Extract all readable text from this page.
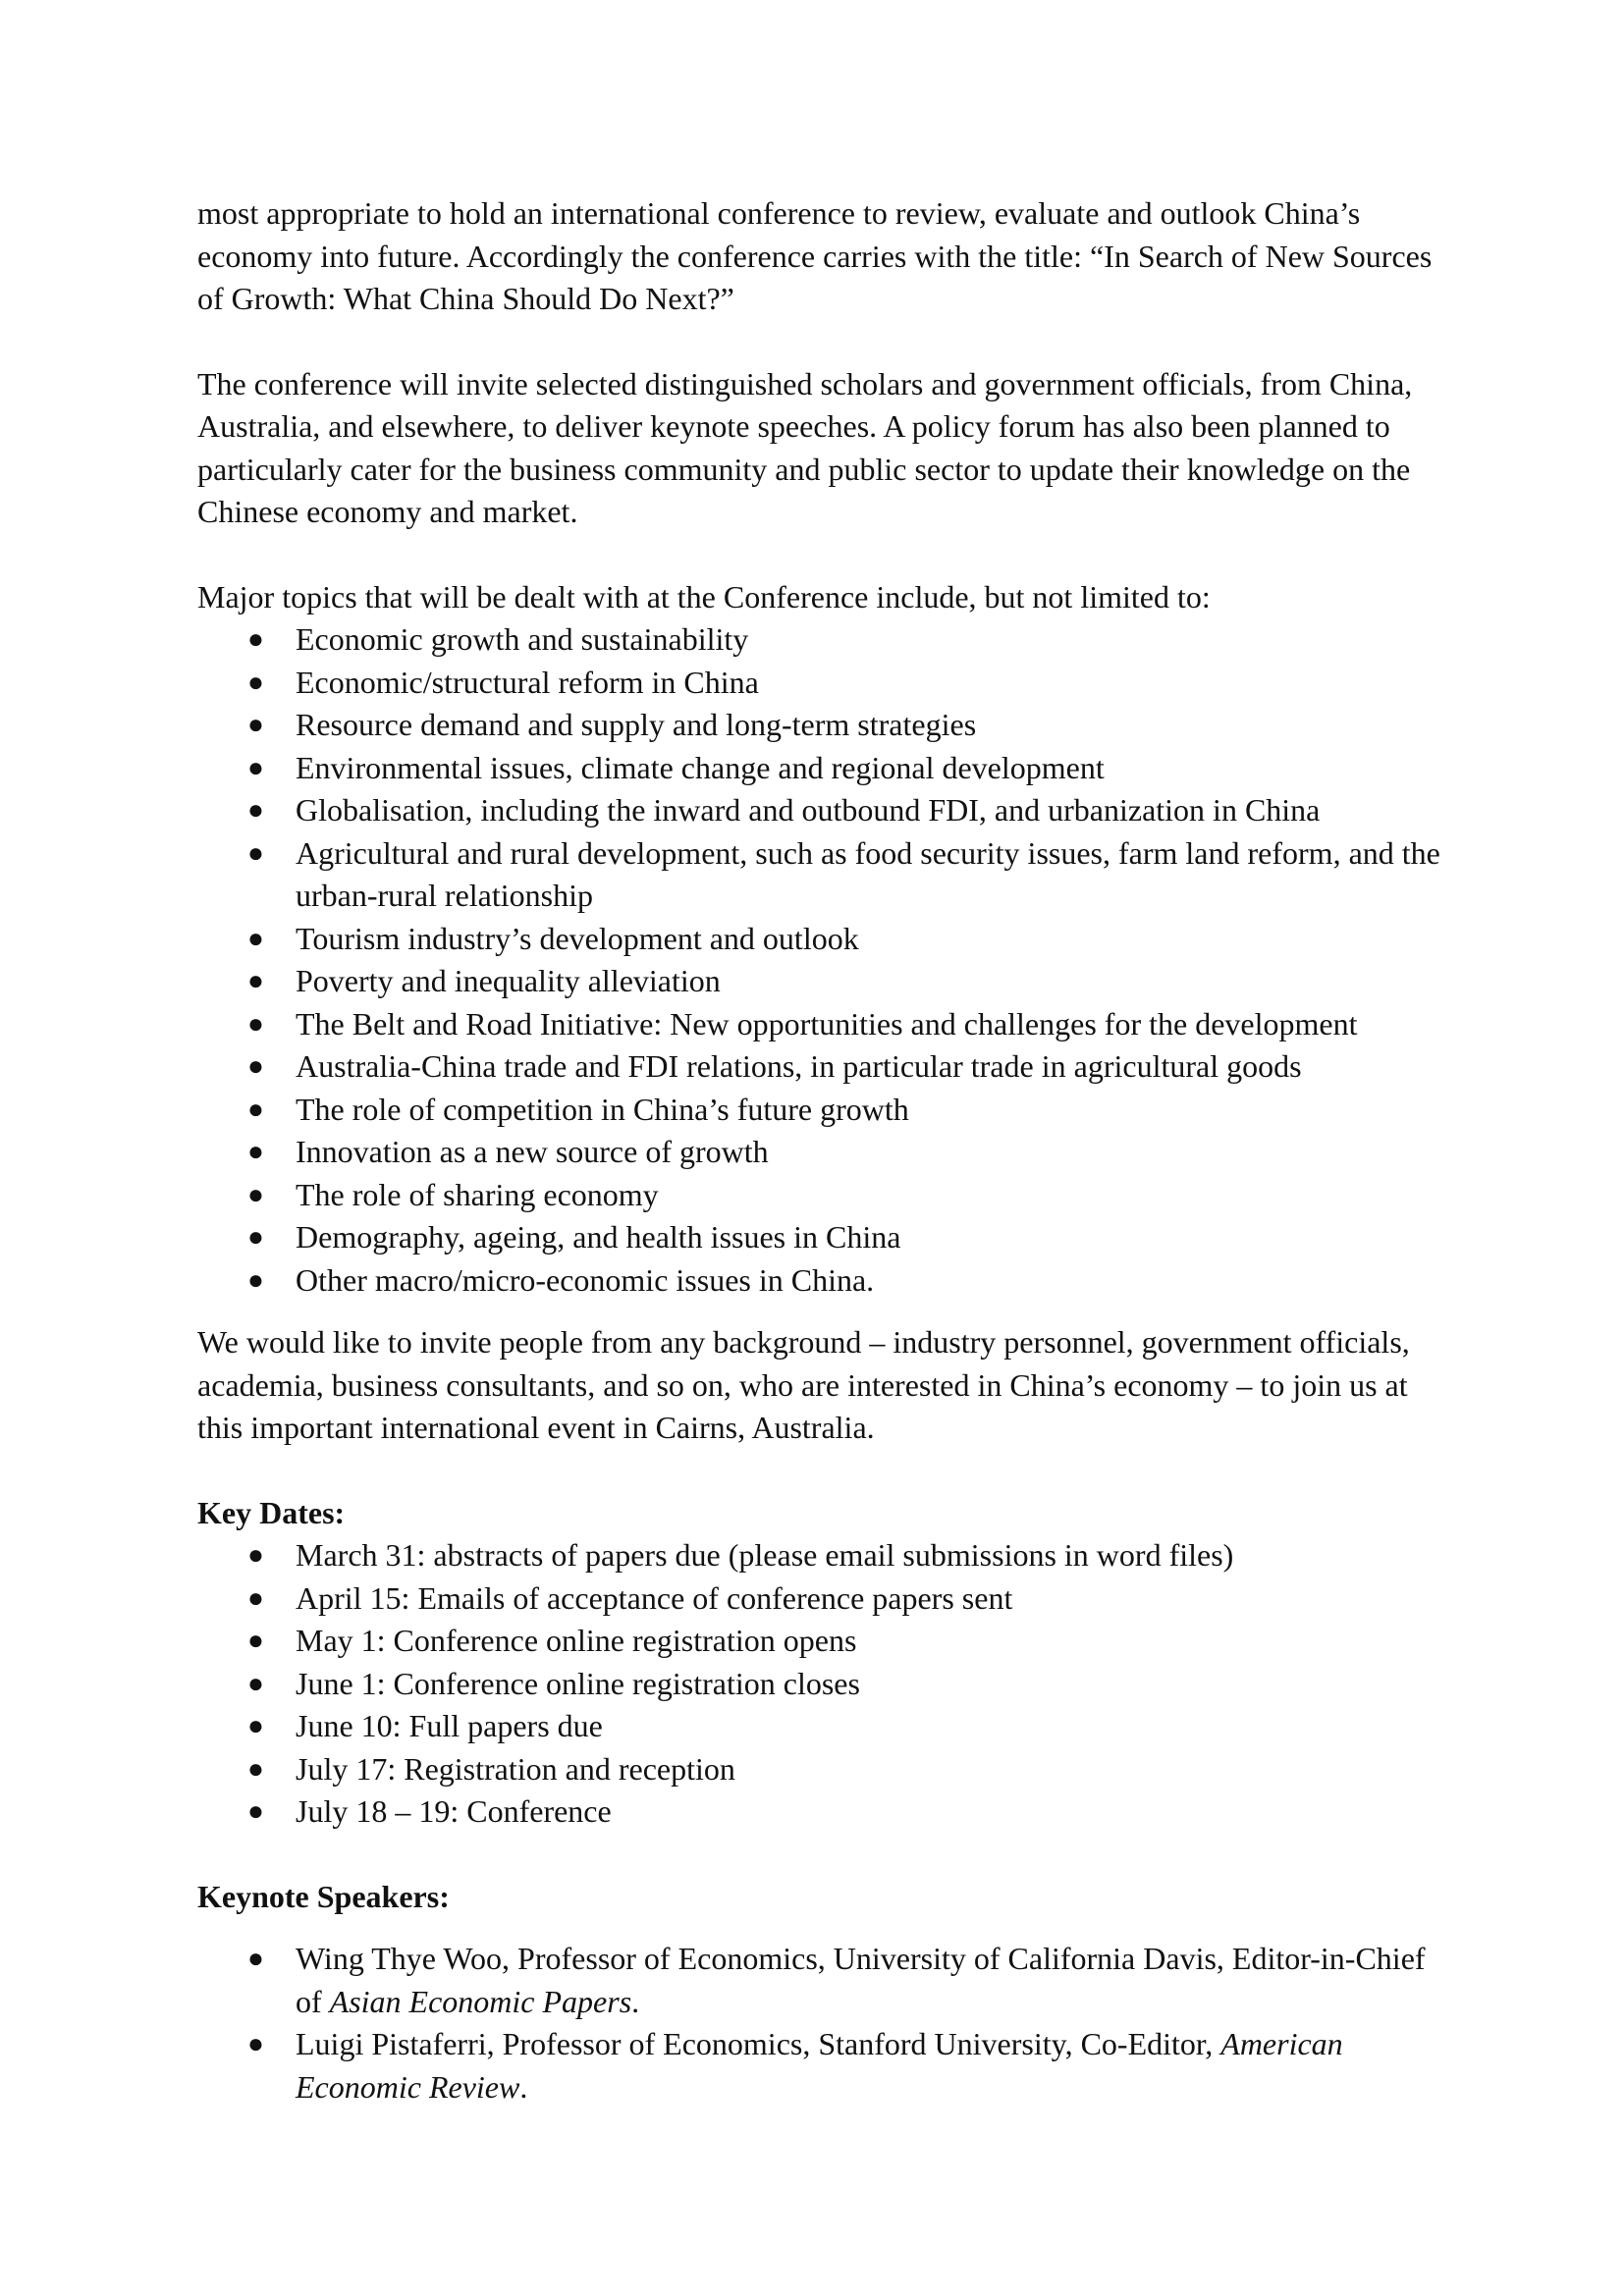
most appropriate to hold an international conference to review, evaluate and outlook China’s economy into future. Accordingly the conference carries with the title: “In Search of New Sources of Growth: What China Should Do Next?”

The conference will invite selected distinguished scholars and government officials, from China, Australia, and elsewhere, to deliver keynote speeches. A policy forum has also been planned to particularly cater for the business community and public sector to update their knowledge on the Chinese economy and market.

Major topics that will be dealt with at the Conference include, but not limited to:

● Economic growth and sustainability
● Economic/structural reform in China
● Resource demand and supply and long-term strategies
● Environmental issues, climate change and regional development
● Globalisation, including the inward and outbound FDI, and urbanization in China
● Agricultural and rural development, such as food security issues, farm land reform, and the urban-rural relationship
● Tourism industry’s development and outlook
● Poverty and inequality alleviation
● The Belt and Road Initiative: New opportunities and challenges for the development
● Australia-China trade and FDI relations, in particular trade in agricultural goods
● The role of competition in China’s future growth
● Innovation as a new source of growth
● The role of sharing economy
● Demography, ageing, and health issues in China
● Other macro/micro-economic issues in China.

We would like to invite people from any background – industry personnel, government officials, academia, business consultants, and so on, who are interested in China’s economy – to join us at this important international event in Cairns, Australia.

Key Dates:

● March 31: abstracts of papers due (please email submissions in word files)
● April 15: Emails of acceptance of conference papers sent
● May 1: Conference online registration opens
● June 1: Conference online registration closes
● June 10: Full papers due
● July 17: Registration and reception
● July 18 – 19: Conference

Keynote Speakers:

● Wing Thye Woo, Professor of Economics, University of California Davis, Editor-in-Chief of Asian Economic Papers.
● Luigi Pistaferri, Professor of Economics, Stanford University, Co-Editor, American Economic Review.
